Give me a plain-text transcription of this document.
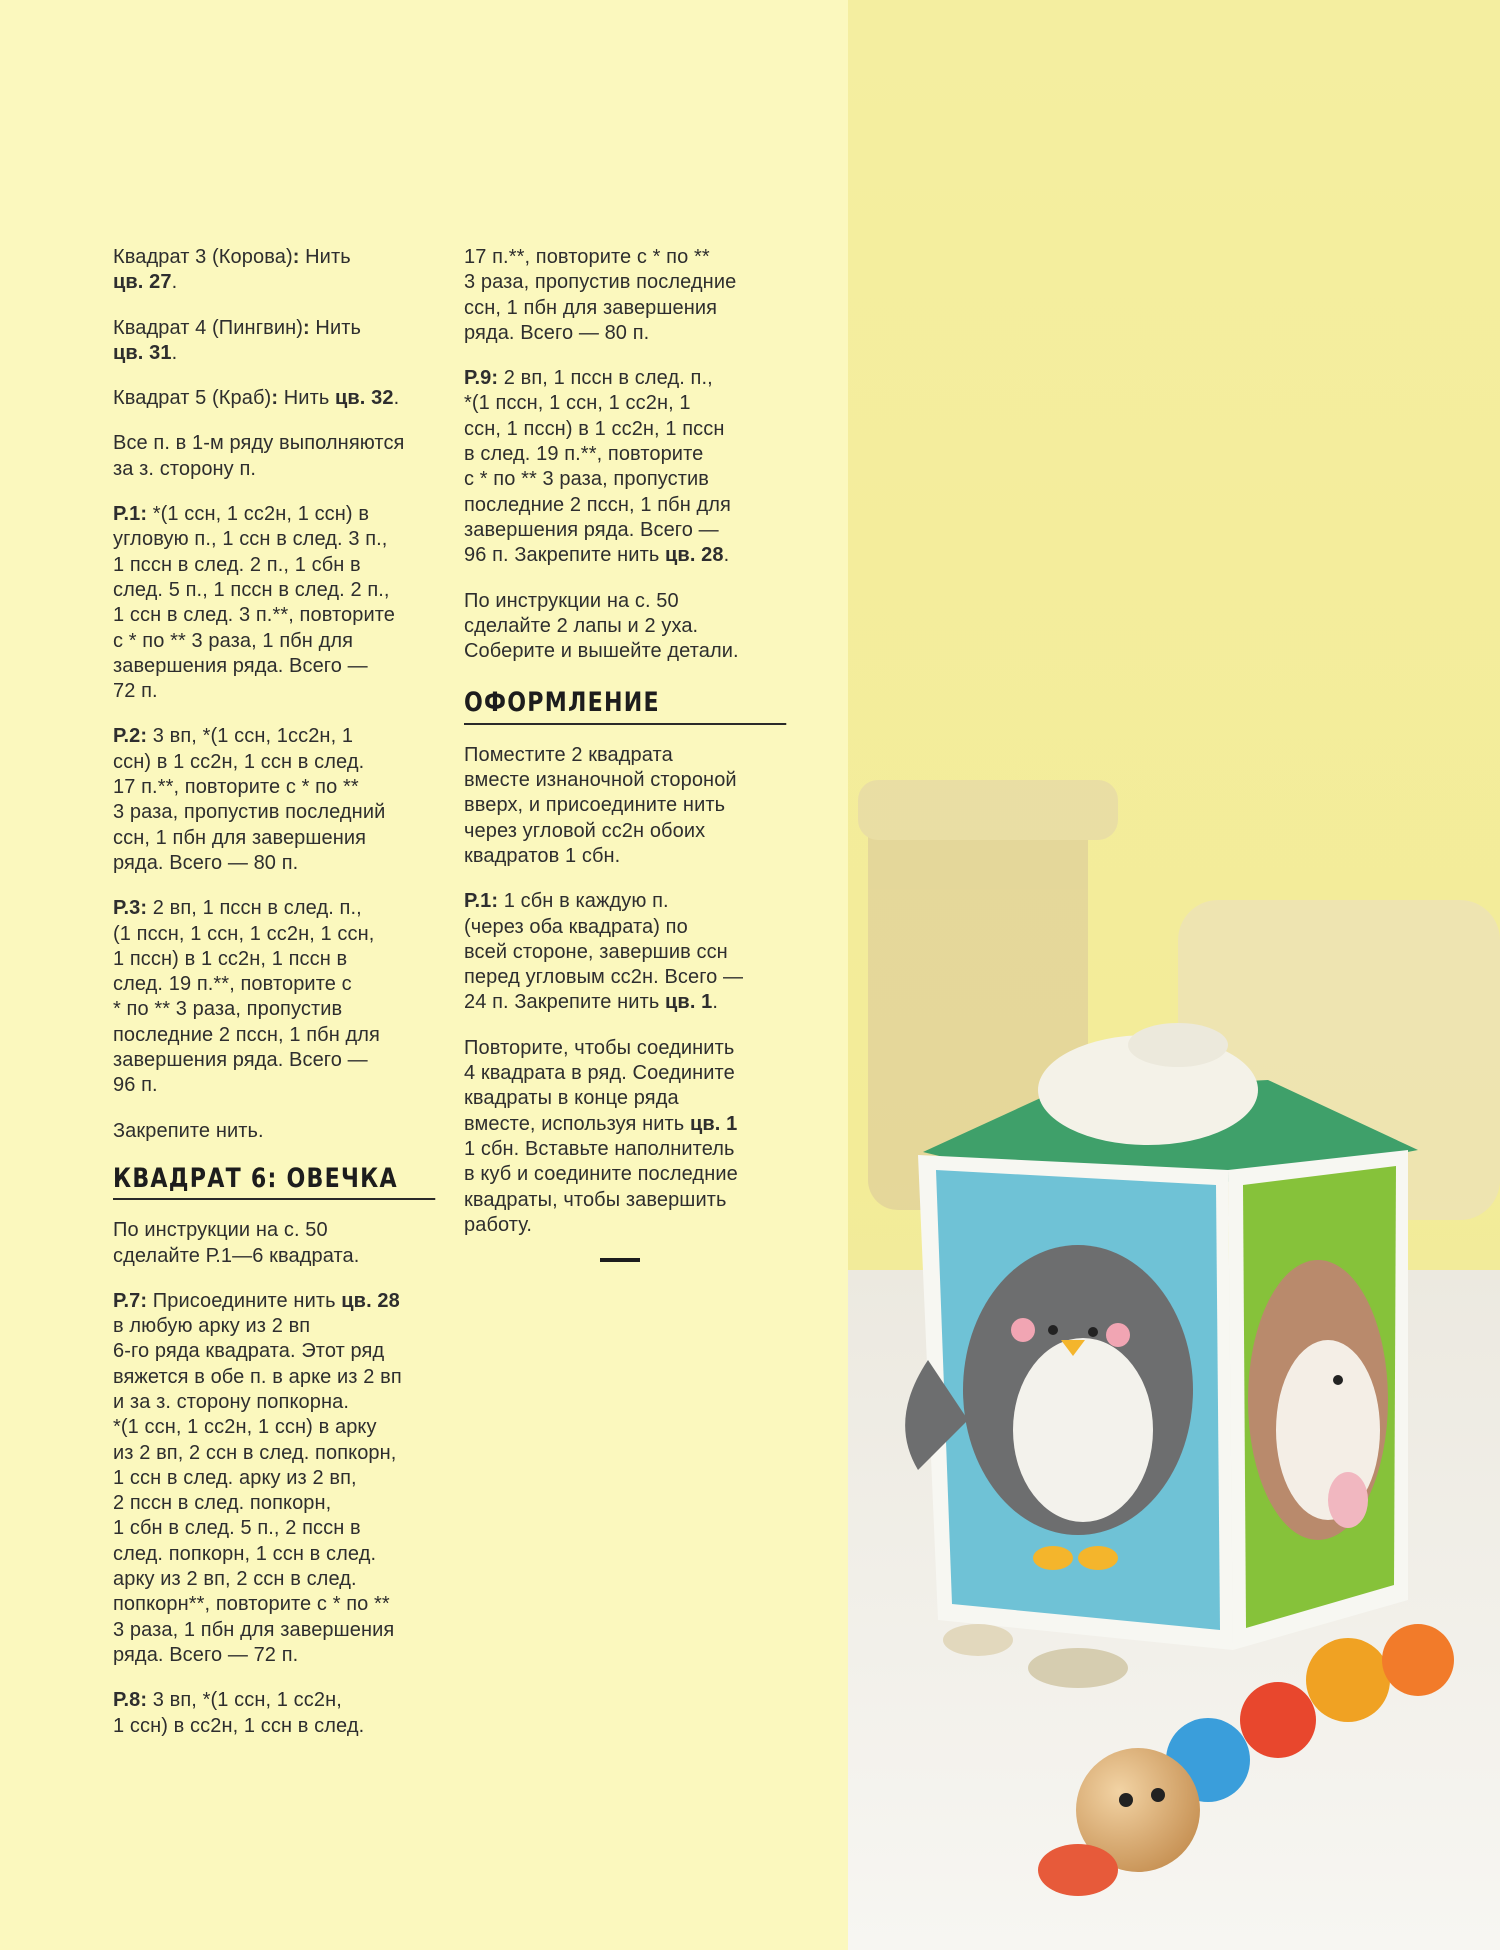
Квадрат 3 (Корова): Нить
цв. 27.

Квадрат 4 (Пингвин): Нить
цв. 31.

Квадрат 5 (Краб): Нить цв. 32.

Все п. в 1-м ряду выполняются
за з. сторону п.

Р.1: *(1 ссн, 1 сс2н, 1 ссн) в
угловую п., 1 ссн в след. 3 п.,
1 пссн в след. 2 п., 1 сбн в
след. 5 п., 1 пссн в след. 2 п.,
1 ссн в след. 3 п.**, повторите
с * по ** 3 раза, 1 пбн для
завершения ряда. Всего —
72 п.

Р.2: 3 вп, *(1 ссн, 1сс2н, 1
ссн) в 1 сс2н, 1 ссн в след.
17 п.**, повторите с * по **
3 раза, пропустив последний
ссн, 1 пбн для завершения
ряда. Всего — 80 п.

Р.3: 2 вп, 1 пссн в след. п.,
(1 пссн, 1 ссн, 1 сс2н, 1 ссн,
1 пссн) в 1 сс2н, 1 пссн в
след. 19 п.**, повторите с
* по ** 3 раза, пропустив
последние 2 пссн, 1 пбн для
завершения ряда. Всего —
96 п.

Закрепите нить.

КВАДРАТ 6: ОВЕЧКА

По инструкции на с. 50
сделайте Р.1—6 квадрата.

Р.7: Присоедините нить цв. 28
в любую арку из 2 вп
6-го ряда квадрата. Этот ряд
вяжется в обе п. в арке из 2 вп
и за з. сторону попкорна.
*(1 ссн, 1 сс2н, 1 ссн) в арку
из 2 вп, 2 ссн в след. попкорн,
1 ссн в след. арку из 2 вп,
2 пссн в след. попкорн,
1 сбн в след. 5 п., 2 пссн в
след. попкорн, 1 ссн в след.
арку из 2 вп, 2 ссн в след.
попкорн**, повторите с * по **
3 раза, 1 пбн для завершения
ряда. Всего — 72 п.

Р.8: 3 вп, *(1 ссн, 1 сс2н,
1 ссн) в сс2н, 1 ссн в след.

17 п.**, повторите с * по **
3 раза, пропустив последние
ссн, 1 пбн для завершения
ряда. Всего — 80 п.

Р.9: 2 вп, 1 пссн в след. п.,
*(1 пссн, 1 ссн, 1 сс2н, 1
ссн, 1 пссн) в 1 сс2н, 1 пссн
в след. 19 п.**, повторите
с * по ** 3 раза, пропустив
последние 2 пссн, 1 пбн для
завершения ряда. Всего —
96 п. Закрепите нить цв. 28.

По инструкции на с. 50
сделайте 2 лапы и 2 уха.
Соберите и вышейте детали.

ОФОРМЛЕНИЕ

Поместите 2 квадрата
вместе изнаночной стороной
вверх, и присоедините нить
через угловой сс2н обоих
квадратов 1 сбн.

Р.1: 1 сбн в каждую п.
(через оба квадрата) по
всей стороне, завершив ссн
перед угловым сс2н. Всего —
24 п. Закрепите нить цв. 1.

Повторите, чтобы соединить
4 квадрата в ряд. Соедините
квадраты в конце ряда
вместе, используя нить цв. 1
1 сбн. Вставьте наполнитель
в куб и соедините последние
квадраты, чтобы завершить
работу.
